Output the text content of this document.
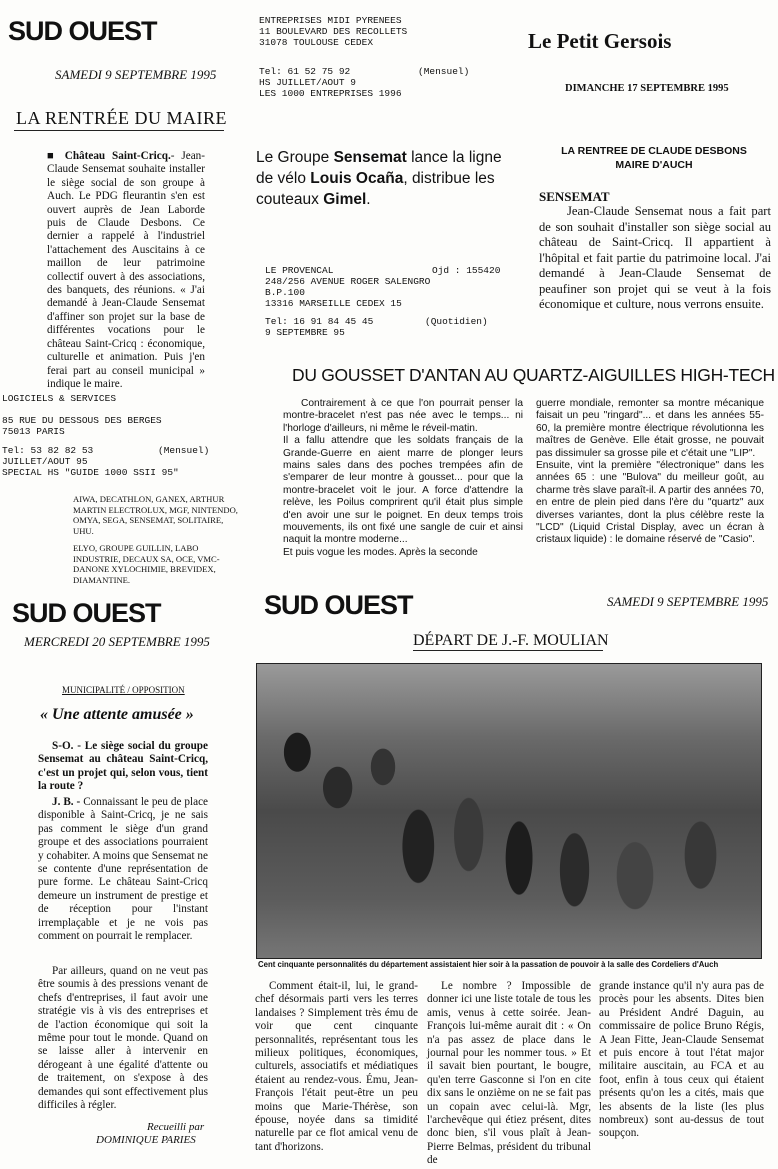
SUD OUEST
SAMEDI 9 SEPTEMBRE 1995
LA RENTRÉE DU MAIRE
■ Château Saint-Cricq.- Jean-Claude Sensemat souhaite installer le siège social de son groupe à Auch. Le PDG fleurantin s'en est ouvert auprès de Jean Laborde puis de Claude Desbons. Ce dernier a rappelé à l'industriel l'attachement des Auscitains à ce maillon de leur patrimoine collectif ouvert à des associations, des banquets, des réunions. « J'ai demandé à Jean-Claude Sensemat d'affiner son projet sur la base de différentes vocations pour le château Saint-Cricq : économique, culturelle et animation. Puis j'en ferai part au conseil municipal » indique le maire.
ENTREPRISES MIDI PYRENEES
11 BOULEVARD DES RECOLLETS
31078 TOULOUSE CEDEX
Tel: 61 52 75 92
HS JUILLET/AOUT 9
LES 1000 ENTREPRISES 1996
(Mensuel)
Le Petit Gersois
DIMANCHE 17 SEPTEMBRE 1995
LA RENTREE DE CLAUDE DESBONS
MAIRE D'AUCH
SENSEMAT
Jean-Claude Sensemat nous a fait part de son souhait d'installer son siège social au château de Saint-Cricq. Il appartient à l'hôpital et fait partie du patrimoine local. J'ai demandé à Jean-Claude Sensemat de peaufiner son projet qui se veut à la fois économique et culture, nous verrons ensuite.
Le Groupe Sensemat lance la ligne de vélo Louis Ocaña, distribue les couteaux Gimel.
LE PROVENCAL
248/256 AVENUE ROGER SALENGRO
B.P.100
13316 MARSEILLE CEDEX 15
Ojd : 155420
Tel: 16 91 84 45 45
9 SEPTEMBRE 95
(Quotidien)
LOGICIELS & SERVICES

85 RUE DU DESSOUS DES BERGES
75013 PARIS
Tel: 53 82 82 53
JUILLET/AOUT 95
SPECIAL HS "GUIDE 1000 SSII 95"
(Mensuel)
AIWA, DECATHLON, GANEX, ARTHUR MARTIN ELECTROLUX, MGF, NINTENDO, OMYA, SEGA, SENSEMAT, SOLITAIRE, UHU.
ELYO, GROUPE GUILLIN, LABO INDUSTRIE, DECAUX SA, OCE, VMC-DANONE XYLOCHIMIE, BREVIDEX, DIAMANTINE.
DU GOUSSET D'ANTAN AU QUARTZ-AIGUILLES HIGH-TECH
Contrairement à ce que l'on pourrait penser la montre-bracelet n'est pas née avec le temps... ni l'horloge d'ailleurs, ni même le réveil-matin.
Il a fallu attendre que les soldats français de la Grande-Guerre en aient marre de plonger leurs mains sales dans des poches trempées afin de s'emparer de leur montre à gousset... pour que la montre-bracelet voit le jour. A force d'attendre la relève, les Poilus comprirent qu'il était plus simple d'en avoir une sur le poignet. En deux temps trois mouvements, ils ont fixé une sangle de cuir et ainsi naquit la montre moderne...
Et puis vogue les modes. Après la seconde
guerre mondiale, remonter sa montre mécanique faisait un peu "ringard"... et dans les années 55-60, la première montre électrique révolutionna les maîtres de Genève. Elle était grosse, ne pouvait pas dissimuler sa grosse pile et c'était une "LIP".
Ensuite, vint la première "électronique" dans les années 65 : une "Bulova" du meilleur goût, au charme très slave paraît-il. A partir des années 70, en entre de plein pied dans l'ère du "quartz" aux diverses variantes, dont la plus célèbre reste la "LCD" (Liquid Cristal Display, avec un écran à cristaux liquide) : le domaine réservé de "Casio".
SUD OUEST
MERCREDI 20 SEPTEMBRE 1995
MUNICIPALITÉ / OPPOSITION
« Une attente amusée »
S-O. - Le siège social du groupe Sensemat au château Saint-Cricq, c'est un projet qui, selon vous, tient la route ?
J. B. - Connaissant le peu de place disponible à Saint-Cricq, je ne sais pas comment le siège d'un grand groupe et des associations pourraient y cohabiter. A moins que Sensemat ne se contente d'une représentation de pure forme. Le château Saint-Cricq demeure un instrument de prestige et de réception pour l'instant irremplaçable et je ne vois pas comment on pourrait le remplacer.
Par ailleurs, quand on ne veut pas être soumis à des pressions venant de chefs d'entreprises, il faut avoir une stratégie vis à vis des entreprises et de l'action économique qui soit la même pour tout le monde. Quand on se laisse aller à intervenir en dérogeant à une égalité d'attente ou de traitement, on s'expose à des demandes qui sont effectivement plus difficiles à régler.
Recueilli par
DOMINIQUE PARIES
SUD OUEST	SAMEDI 9 SEPTEMBRE 1995
DÉPART DE J.-F. MOULIAN
Cent cinquante personnalités du département assistaient hier soir à la passation de pouvoir à la salle des Cordeliers d'Auch
Comment était-il, lui, le grand-chef désormais parti vers les terres landaises ? Simplement très ému de voir que cent cinquante personnalités, représentant tous les milieux politiques, économiques, culturels, associatifs et médiatiques étaient au rendez-vous. Ému, Jean-François l'était peut-être un peu moins que Marie-Thérèse, son épouse, noyée dans sa timidité naturelle par ce flot amical venu de tant d'horizons.
Le nombre ? Impossible de donner ici une liste totale de tous les amis, venus à cette soirée. Jean-François lui-même aurait dit : « On n'a pas assez de place dans le journal pour les nommer tous. » Et il savait bien pourtant, le bougre, qu'en terre Gasconne si l'on en cite dix sans le onzième on ne se fait pas un copain avec celui-là. Mgr, l'archevêque qui étiez présent, dites donc bien, s'il vous plaît à Jean-Pierre Belmas, président du tribunal de
grande instance qu'il n'y aura pas de procès pour les absents. Dites bien au Président André Daguin, au commissaire de police Bruno Régis, A Jean Fitte, Jean-Claude Sensemat et puis encore à tout l'état major militaire auscitain, au FCA et au foot, enfin à tous ceux qui étaient présents qu'on les a cités, mais que les absents de la liste (les plus nombreux) sont au-dessus de tout soupçon.
